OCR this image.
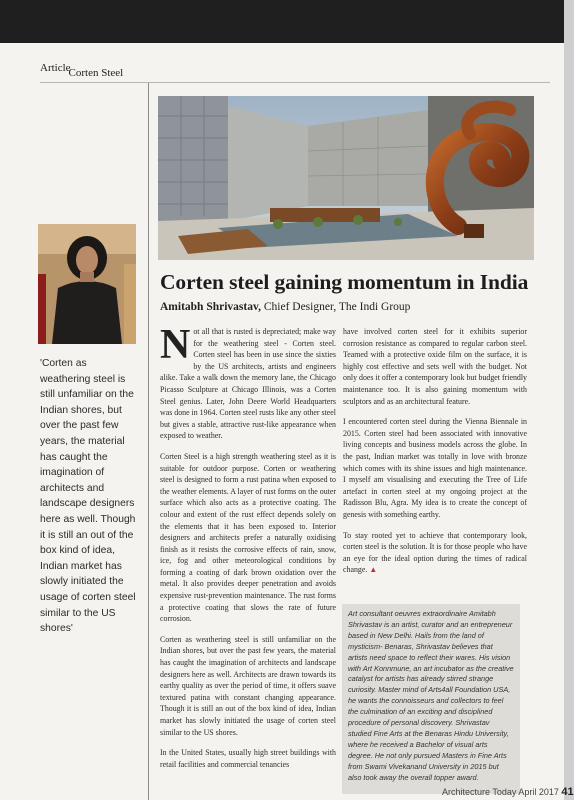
ArticleCorten Steel

'Corten as weathering steel is still unfamiliar on the Indian shores, but over the past few years, the material has caught the imagination of architects and landscape designers here as well. Though it is still an out of the box kind of idea, Indian market has slowly initiated the usage of corten steel similar to the US shores'

Corten steel gaining momentum in India
Amitabh Shrivastav, Chief Designer, The Indi Group

Not all that is rusted is depreciated; make way for the weathering steel - Corten steel. Corten steel has been in use since the sixties by the US architects, artists and engineers alike. Take a walk down the memory lane, the Chicago Picasso Sculpture at Chicago Illinois, was a Corten Steel genius. Later, John Deere World Headquarters was done in 1964. Corten steel rusts like any other steel but gives a stable, attractive rust-like appearance when exposed to weather.

Corten Steel is a high strength weathering steel as it is suitable for outdoor purpose. Corten or weathering steel is designed to form a rust patina when exposed to the weather elements. A layer of rust forms on the outer surface which also acts as a protective coating. The colour and extent of the rust effect depends solely on the elements that it has been exposed to. Interior designers and architects prefer a naturally oxidising finish as it resists the corrosive effects of rain, snow, ice, fog and other meteorological conditions by forming a coating of dark brown oxidation over the metal. It also provides deeper penetration and avoids expensive rust-prevention maintenance. The rust forms a protective coating that slows the rate of future corrosion.

Corten as weathering steel is still unfamiliar on the Indian shores, but over the past few years, the material has caught the imagination of architects and landscape designers here as well. Architects are drawn towards its earthy quality as over the period of time, it offers suave textured patina with constant changing appearance. Though it is still an out of the box kind of idea, Indian market has slowly initiated the usage of corten steel similar to the US shores.

In the United States, usually high street buildings with retail facilities and commercial tenancies

have involved corten steel for it exhibits superior corrosion resistance as compared to regular carbon steel. Teamed with a protective oxide film on the surface, it is highly cost effective and sets well with the budget. Not only does it offer a contemporary look but budget friendly maintenance too. It is also gaining momentum with sculptors and as an architectural feature.

I encountered corten steel during the Vienna Biennale in 2015. Corten steel had been associated with innovative living concepts and business models across the globe. In the past, Indian market was totally in love with bronze which comes with its shine issues and high maintenance. I myself am visualising and executing the Tree of Life artefact in corten steel at my ongoing project at the Radisson Blu, Agra. My idea is to create the concept of genesis with something earthy.

To stay rooted yet to achieve that contemporary look, corten steel is the solution. It is for those people who have an eye for the ideal option during the times of radical change. ▲

Art consultant oeuvres extraordinaire Amitabh Shrivastav is an artist, curator and an entrepreneur based in New Delhi. Hails from the land of mysticism- Benaras, Shrivastav believes that artists need space to reflect their wares. His vision with Art Konnmune, an art incubator as the creative catalyst for artists has already stirred strange curiosity. Master mind of Arts4all Foundation USA, he wants the connoisseurs and collectors to feel the culmination of an exciting and disciplined procedure of personal discovery. Shrivastav studied Fine Arts at the Benaras Hindu University, where he received a Bachelor of visual arts degree. He not only pursued Masters in Fine Arts from Swami Vivekanand University in 2015 but also took away the overall topper award.

Architecture Today April 2017 41
